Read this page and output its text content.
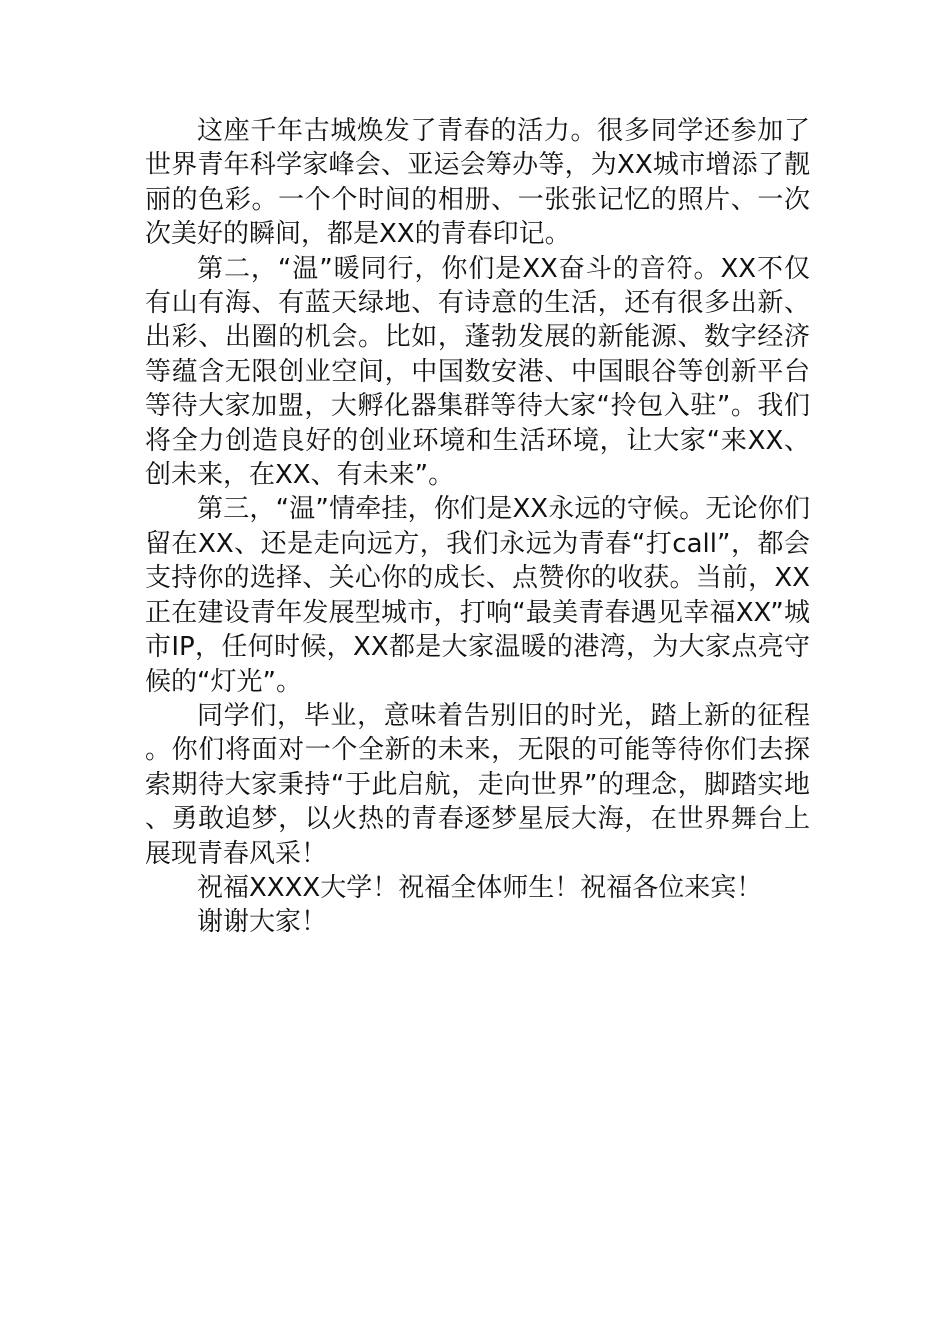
这座千年古城焕发了青春的活力。很多同学还参加了世界青年科学家峰会、亚运会筹办等，为XX城市增添了靓丽的色彩。一个个时间的相册、一张张记忆的照片、一次次美好的瞬间，都是XX的青春印记。

第二，“温”暖同行，你们是XX奋斗的音符。XX不仅有山有海、有蓝天绿地、有诗意的生活，还有很多出新、出彩、出圈的机会。比如，蓬勃发展的新能源、数字经济等蕴含无限创业空间，中国数安港、中国眼谷等创新平台等待大家加盟，大孵化器集群等待大家“拎包入驻”。我们将全力创造良好的创业环境和生活环境，让大家“来XX、创未来，在XX、有未来”。

第三，“温”情牵挂，你们是XX永远的守候。无论你们留在XX、还是走向远方，我们永远为青春“打call”，都会支持你的选择、关心你的成长、点赞你的收获。当前，XX正在建设青年发展型城市，打响“最美青春遇见幸福XX”城市IP，任何时候，XX都是大家温暖的港湾，为大家点亮守候的“灯光”。

同学们，毕业，意味着告别旧的时光，踏上新的征程。你们将面对一个全新的未来，无限的可能等待你们去探索期待大家秉持“于此启航，走向世界”的理念，脚踏实地、勇敢追梦，以火热的青春逐梦星辰大海，在世界舞台上展现青春风采！

祝福XXXX大学！祝福全体师生！祝福各位来宾！

谢谢大家！
